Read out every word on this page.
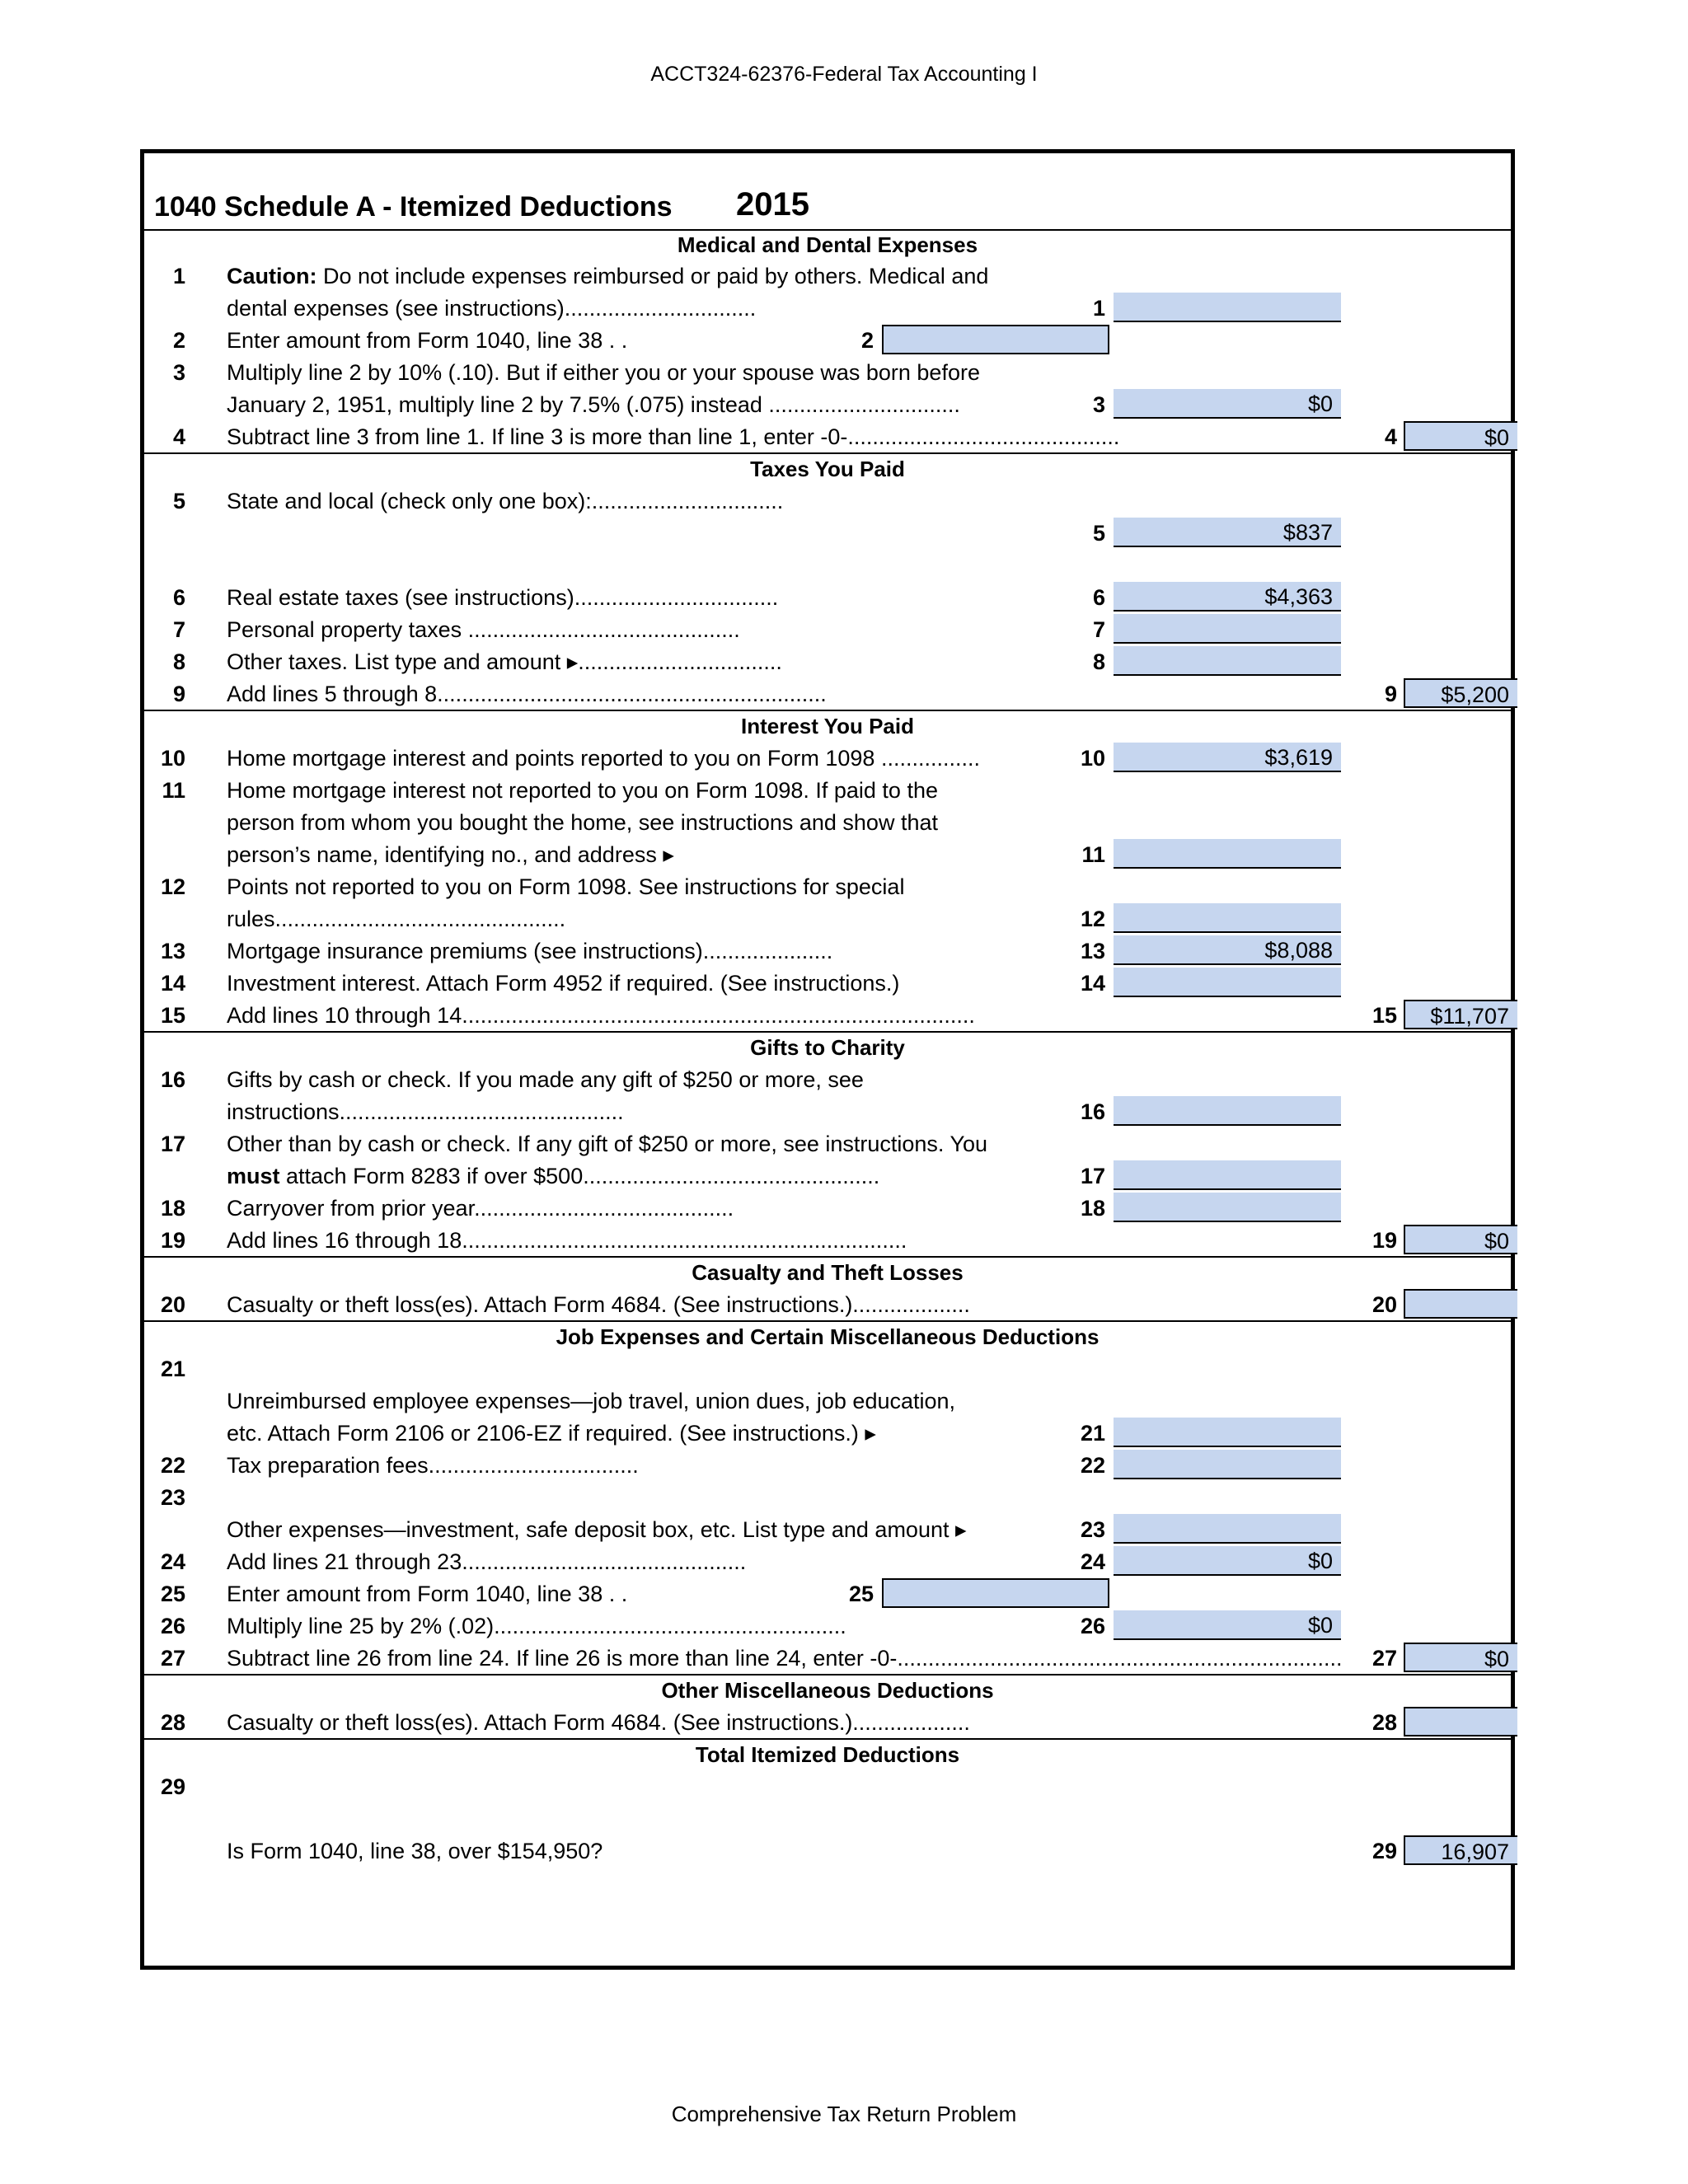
ACCT324-62376-Federal Tax Accounting I
1040 Schedule A - Itemized Deductions 2015
Medical and Dental Expenses
1 Caution: Do not include expenses reimbursed or paid by others. Medical and
dental expenses (see instructions)...............................	1
2 Enter amount from Form 1040, line 38 . .	2
3 Multiply line 2 by 10% (.10). But if either you or your spouse was born before
January 2, 1951, multiply line 2 by 7.5% (.075) instead ...............................	3	$0
4 Subtract line 3 from line 1. If line 3 is more than line 1, enter -0-............................................	4	$0
Taxes You Paid
5 State and local (check only one box):...............................
5	$837
6 Real estate taxes (see instructions).................................	6	$4,363
7 Personal property taxes ............................................	7
8 Other taxes. List type and amount ▸.................................	8
9 Add lines 5 through 8...............................................................	9	$5,200
Interest You Paid
10 Home mortgage interest and points reported to you on Form 1098 ................	10	$3,619
11 Home mortgage interest not reported to you on Form 1098. If paid to the
person from whom you bought the home, see instructions and show that
person’s name, identifying no., and address ▸	11
12 Points not reported to you on Form 1098. See instructions for special
rules...............................................	12
13 Mortgage insurance premiums (see instructions).....................	13	$8,088
14 Investment interest. Attach Form 4952 if required. (See instructions.)	14
15 Add lines 10 through 14...................................................................................	15	$11,707
Gifts to Charity
16 Gifts by cash or check. If you made any gift of $250 or more, see
instructions..............................................	16
17 Other than by cash or check. If any gift of $250 or more, see instructions. You
must attach Form 8283 if over $500................................................	17
18 Carryover from prior year..........................................	18
19 Add lines 16 through 18........................................................................	19	$0
Casualty and Theft Losses
20 Casualty or theft loss(es). Attach Form 4684. (See instructions.)...................	20
Job Expenses and Certain Miscellaneous Deductions
21
Unreimbursed employee expenses—job travel, union dues, job education,
etc. Attach Form 2106 or 2106-EZ if required. (See instructions.) ▸	21
22 Tax preparation fees..................................	22
23
Other expenses—investment, safe deposit box, etc. List type and amount ▸	23
24 Add lines 21 through 23..............................................	24	$0
25 Enter amount from Form 1040, line 38 . .	25
26 Multiply line 25 by 2% (.02).........................................................	26	$0
27 Subtract line 26 from line 24. If line 26 is more than line 24, enter -0-........................................................................	27	$0
Other Miscellaneous Deductions
28 Casualty or theft loss(es). Attach Form 4684. (See instructions.)...................	28
Total Itemized Deductions
29
Is Form 1040, line 38, over $154,950?	29	16,907
Comprehensive Tax Return Problem
